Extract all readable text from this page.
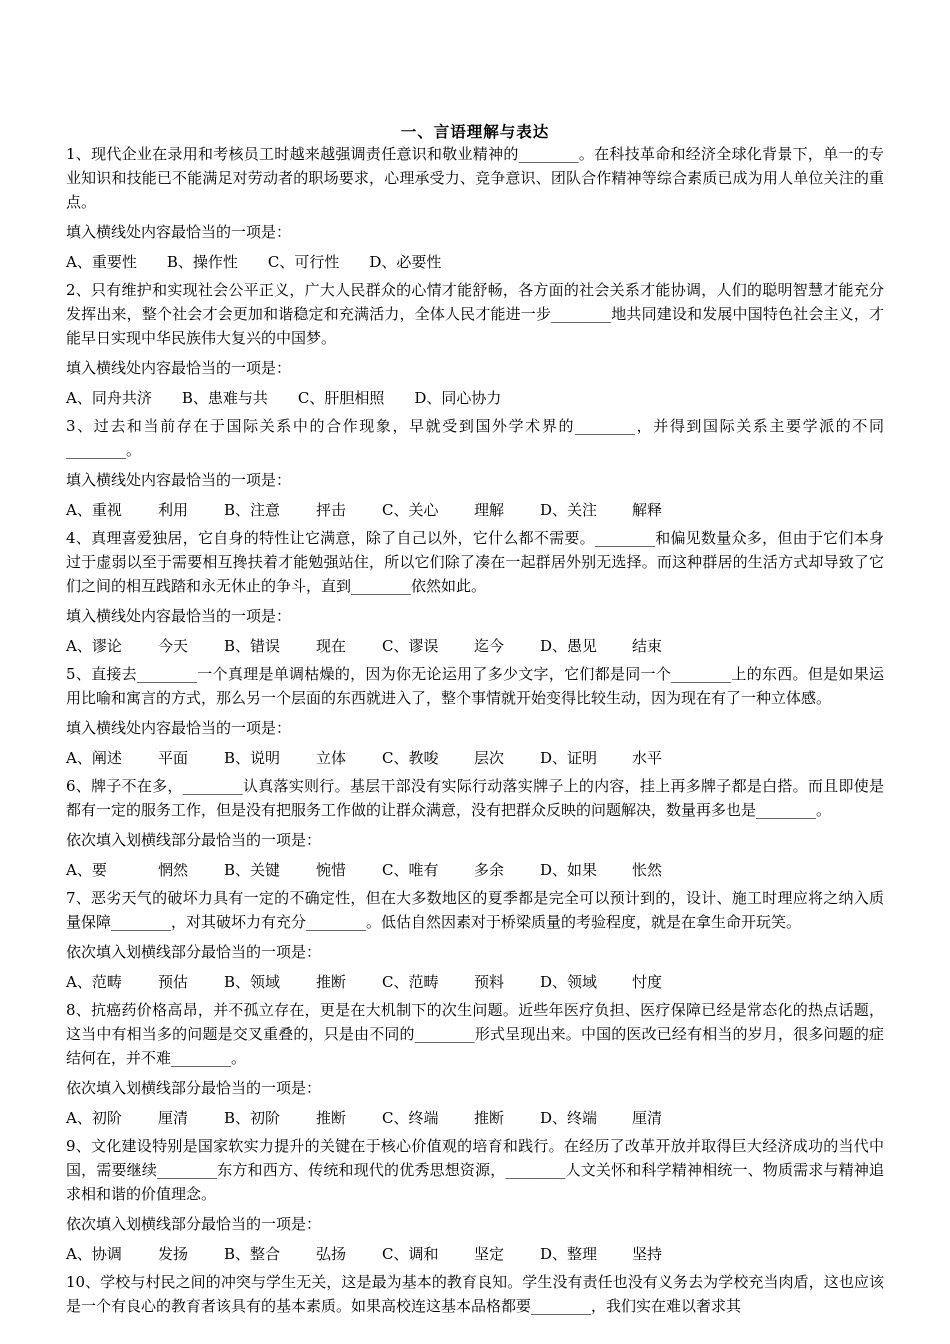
一、言语理解与表达

1、现代企业在录用和考核员工时越来越强调责任意识和敬业精神的________。在科技革命和经济全球化背景下，单一的专业知识和技能已不能满足对劳动者的职场要求，心理承受力、竞争意识、团队合作精神等综合素质已成为用人单位关注的重点。

填入横线处内容最恰当的一项是：

A、重要性 B、操作性 C、可行性 D、必要性

2、只有维护和实现社会公平正义，广大人民群众的心情才能舒畅，各方面的社会关系才能协调，人们的聪明智慧才能充分发挥出来，整个社会才会更加和谐稳定和充满活力，全体人民才能进一步________地共同建设和发展中国特色社会主义，才能早日实现中华民族伟大复兴的中国梦。

填入横线处内容最恰当的一项是：

A、同舟共济 B、患难与共 C、肝胆相照 D、同心协力

3、过去和当前存在于国际关系中的合作现象，早就受到国外学术界的________，并得到国际关系主要学派的不同________。

填入横线处内容最恰当的一项是：

A、重视 利用	B、注意 抨击	C、关心 理解	D、关注 解释

4、真理喜爱独居，它自身的特性让它满意，除了自己以外，它什么都不需要。________和偏见数量众多，但由于它们本身过于虚弱以至于需要相互搀扶着才能勉强站住，所以它们除了凑在一起群居外别无选择。而这种群居的生活方式却导致了它们之间的相互践踏和永无休止的争斗，直到________依然如此。

填入横线处内容最恰当的一项是：

A、谬论 今天	B、错误 现在	C、谬误 迄今	D、愚见 结束

5、直接去________一个真理是单调枯燥的，因为你无论运用了多少文字，它们都是同一个________上的东西。但是如果运用比喻和寓言的方式，那么另一个层面的东西就进入了，整个事情就开始变得比较生动，因为现在有了一种立体感。

填入横线处内容最恰当的一项是：

A、阐述 平面	B、说明 立体	C、教唆 层次	D、证明 水平

6、牌子不在多，________认真落实则行。基层干部没有实际行动落实牌子上的内容，挂上再多牌子都是白搭。而且即使是都有一定的服务工作，但是没有把服务工作做的让群众满意，没有把群众反映的问题解决，数量再多也是________。

依次填入划横线部分最恰当的一项是：

A、要	惘然	B、关键 惋惜	C、唯有 多余	D、如果 怅然

7、恶劣天气的破坏力具有一定的不确定性，但在大多数地区的夏季都是完全可以预计到的，设计、施工时理应将之纳入质量保障________，对其破坏力有充分________。低估自然因素对于桥梁质量的考验程度，就是在拿生命开玩笑。

依次填入划横线部分最恰当的一项是：

A、范畴 预估	B、领域 推断	C、范畴 预料	D、领域 忖度

8、抗癌药价格高昂，并不孤立存在，更是在大机制下的次生问题。近些年医疗负担、医疗保障已经是常态化的热点话题，这当中有相当多的问题是交叉重叠的，只是由不同的________形式呈现出来。中国的医改已经有相当的岁月，很多问题的症结何在，并不难________。

依次填入划横线部分最恰当的一项是：

A、初阶 厘清	B、初阶 推断	C、终端 推断	D、终端 厘清

9、文化建设特别是国家软实力提升的关键在于核心价值观的培育和践行。在经历了改革开放并取得巨大经济成功的当代中国，需要继续________东方和西方、传统和现代的优秀思想资源，________人文关怀和科学精神相统一、物质需求与精神追求相和谐的价值理念。

依次填入划横线部分最恰当的一项是：

A、协调 发扬	B、整合 弘扬	C、调和 坚定	D、整理 坚持

10、学校与村民之间的冲突与学生无关，这是最为基本的教育良知。学生没有责任也没有义务去为学校充当肉盾，这也应该是一个有良心的教育者该具有的基本素质。如果高校连这基本品格都要________，我们实在难以奢求其
